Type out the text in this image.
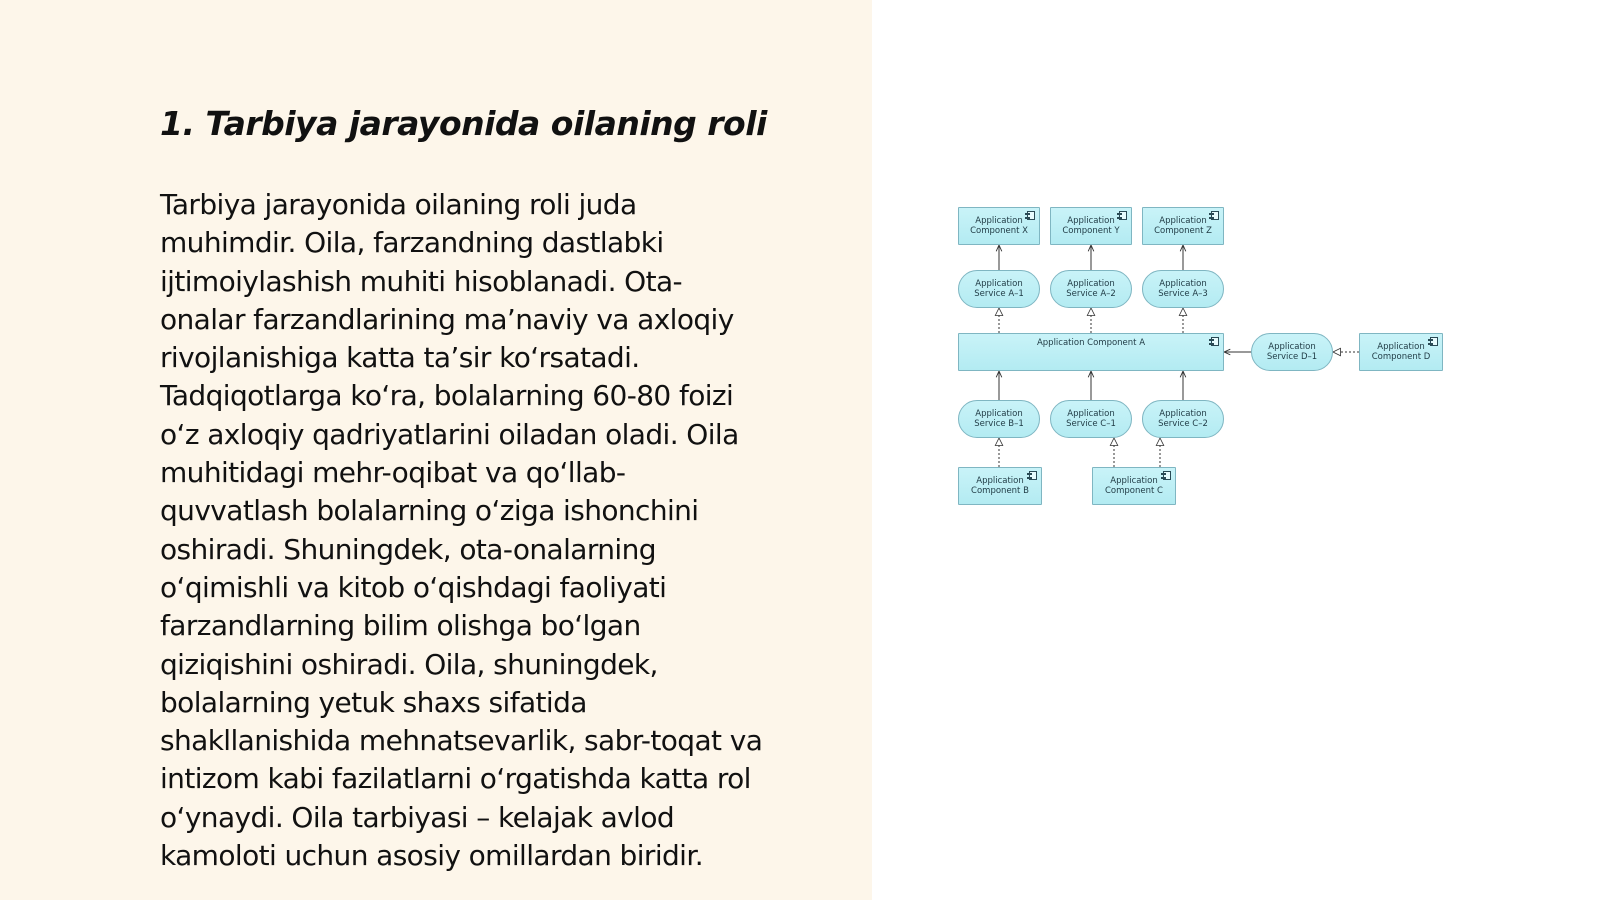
1. Tarbiya jarayonida oilaning roli

Tarbiya jarayonida oilaning roli juda
muhimdir. Oila, farzandning dastlabki
ijtimoiylashish muhiti hisoblanadi. Ota-
onalar farzandlarining ma’naviy va axloqiy
rivojlanishiga katta ta’sir ko‘rsatadi.
Tadqiqotlarga ko‘ra, bolalarning 60-80 foizi
o‘z axloqiy qadriyatlarini oiladan oladi. Oila
muhitidagi mehr-oqibat va qo‘llab-
quvvatlash bolalarning o‘ziga ishonchini
oshiradi. Shuningdek, ota-onalarning
o‘qimishli va kitob o‘qishdagi faoliyati
farzandlarning bilim olishga bo‘lgan
qiziqishini oshiradi. Oila, shuningdek,
bolalarning yetuk shaxs sifatida
shakllanishida mehnatsevarlik, sabr-toqat va
intizom kabi fazilatlarni o‘rgatishda katta rol
o‘ynaydi. Oila tarbiyasi – kelajak avlod
kamoloti uchun asosiy omillardan biridir.

Application
Component X
Application
Component Y
Application
Component Z
Application
Service A–1
Application
Service A–2
Application
Service A–3
Application Component A	Application
Service D–1
Application
Component D
Application
Service B–1
Application
Service C–1
Application
Service C–2
Application
Component B
Application
Component C
